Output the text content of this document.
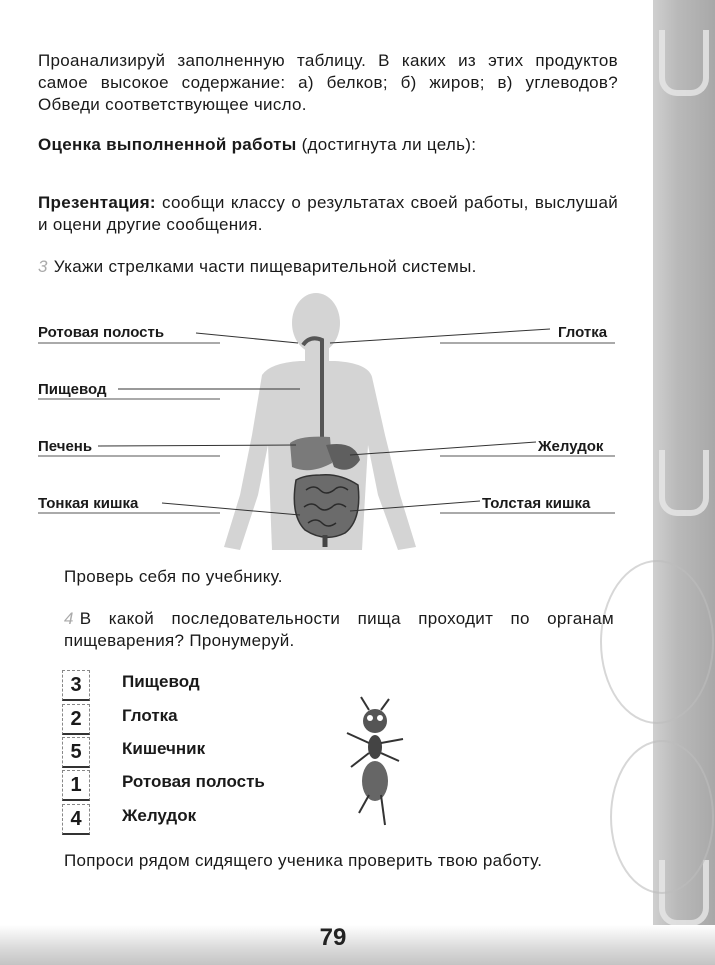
Проанализируй заполненную таблицу. В каких из этих продуктов самое высокое содержание: а) белков; б) жиров; в) углеводов? Обведи соответствующее число.
Оценка выполненной работы (достигнута ли цель):
Презентация: сообщи классу о результатах своей работы, выслушай и оцени другие сообщения.
3 Укажи стрелками части пищеварительной системы.
Ротовая полость	Глотка
Пищевод
Печень	Желудок
Тонкая кишка	Толстая кишка
Проверь себя по учебнику.
4 В какой последовательности пища проходит по органам пищеварения? Пронумеруй.
3	Пищевод
2	Глотка
5	Кишечник
1	Ротовая полость
4	Желудок
Попроси рядом сидящего ученика проверить твою работу.
79
